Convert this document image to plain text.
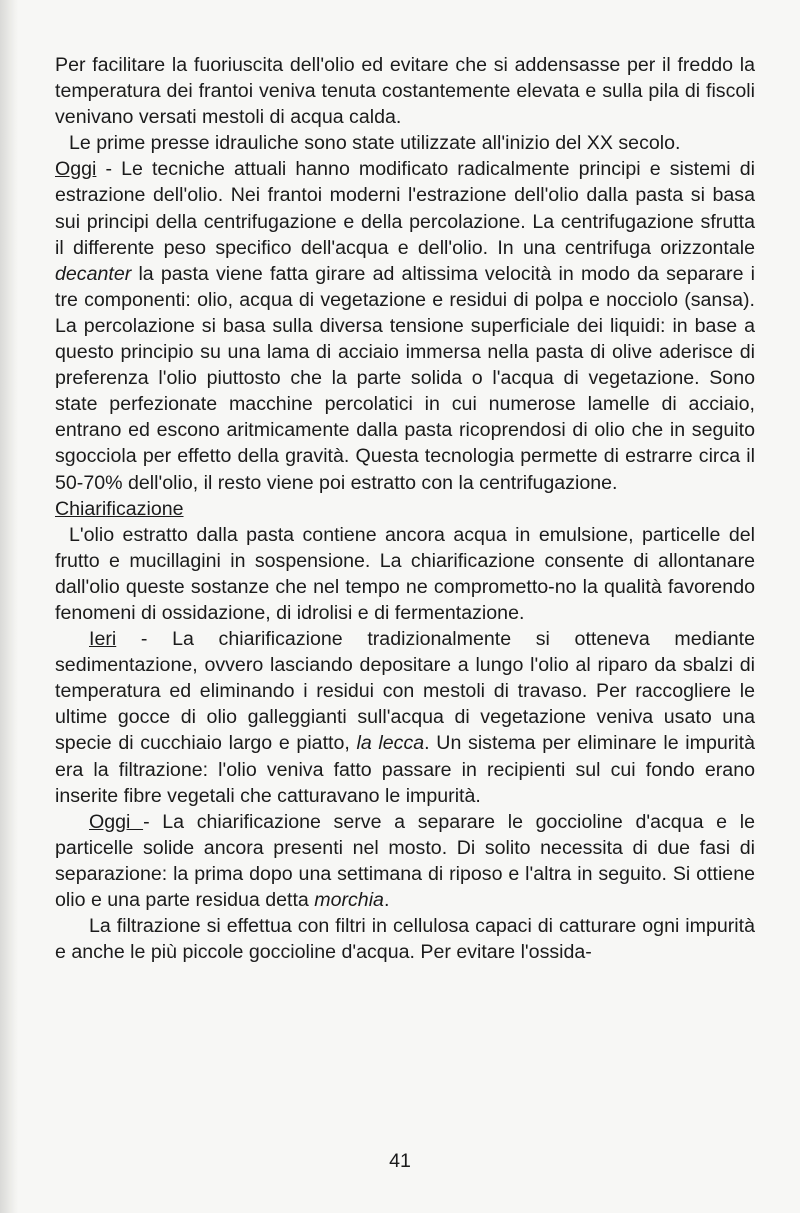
Per facilitare la fuoriuscita dell'olio ed evitare che si addensasse per il freddo la temperatura dei frantoi veniva tenuta costantemente elevata e sulla pila di fiscoli venivano versati mestoli di acqua calda.

Le prime presse idrauliche sono state utilizzate all'inizio del XX secolo.

Oggi - Le tecniche attuali hanno modificato radicalmente principi e sistemi di estrazione dell'olio. Nei frantoi moderni l'estrazione dell'olio dalla pasta si basa sui principi della centrifugazione e della percolazione. La centrifugazione sfrutta il differente peso specifico dell'acqua e dell'olio. In una centrifuga orizzontale decanter la pasta viene fatta girare ad altissima velocità in modo da separare i tre componenti: olio, acqua di vegetazione e residui di polpa e nocciolo (sansa). La percolazione si basa sulla diversa tensione superficiale dei liquidi: in base a questo principio su una lama di acciaio immersa nella pasta di olive aderisce di preferenza l'olio piuttosto che la parte solida o l'acqua di vegetazione. Sono state perfezionate macchine percolatici in cui numerose lamelle di acciaio, entrano ed escono aritmicamente dalla pasta ricoprendosi di olio che in seguito sgocciola per effetto della gravità. Questa tecnologia permette di estrarre circa il 50-70% dell'olio, il resto viene poi estratto con la centrifugazione.

Chiarificazione

L'olio estratto dalla pasta contiene ancora acqua in emulsione, particelle del frutto e mucillagini in sospensione. La chiarificazione consente di allontanare dall'olio queste sostanze che nel tempo ne comprometto-no la qualità favorendo fenomeni di ossidazione, di idrolisi e di fermentazione.

Ieri - La chiarificazione tradizionalmente si otteneva mediante sedimentazione, ovvero lasciando depositare a lungo l'olio al riparo da sbalzi di temperatura ed eliminando i residui con mestoli di travaso. Per raccogliere le ultime gocce di olio galleggianti sull'acqua di vegetazione veniva usato una specie di cucchiaio largo e piatto, la lecca. Un sistema per eliminare le impurità era la filtrazione: l'olio veniva fatto passare in recipienti sul cui fondo erano inserite fibre vegetali che catturavano le impurità.

Oggi - La chiarificazione serve a separare le goccioline d'acqua e le particelle solide ancora presenti nel mosto. Di solito necessita di due fasi di separazione: la prima dopo una settimana di riposo e l'altra in seguito. Si ottiene olio e una parte residua detta morchia.

La filtrazione si effettua con filtri in cellulosa capaci di catturare ogni impurità e anche le più piccole goccioline d'acqua. Per evitare l'ossida-

41
